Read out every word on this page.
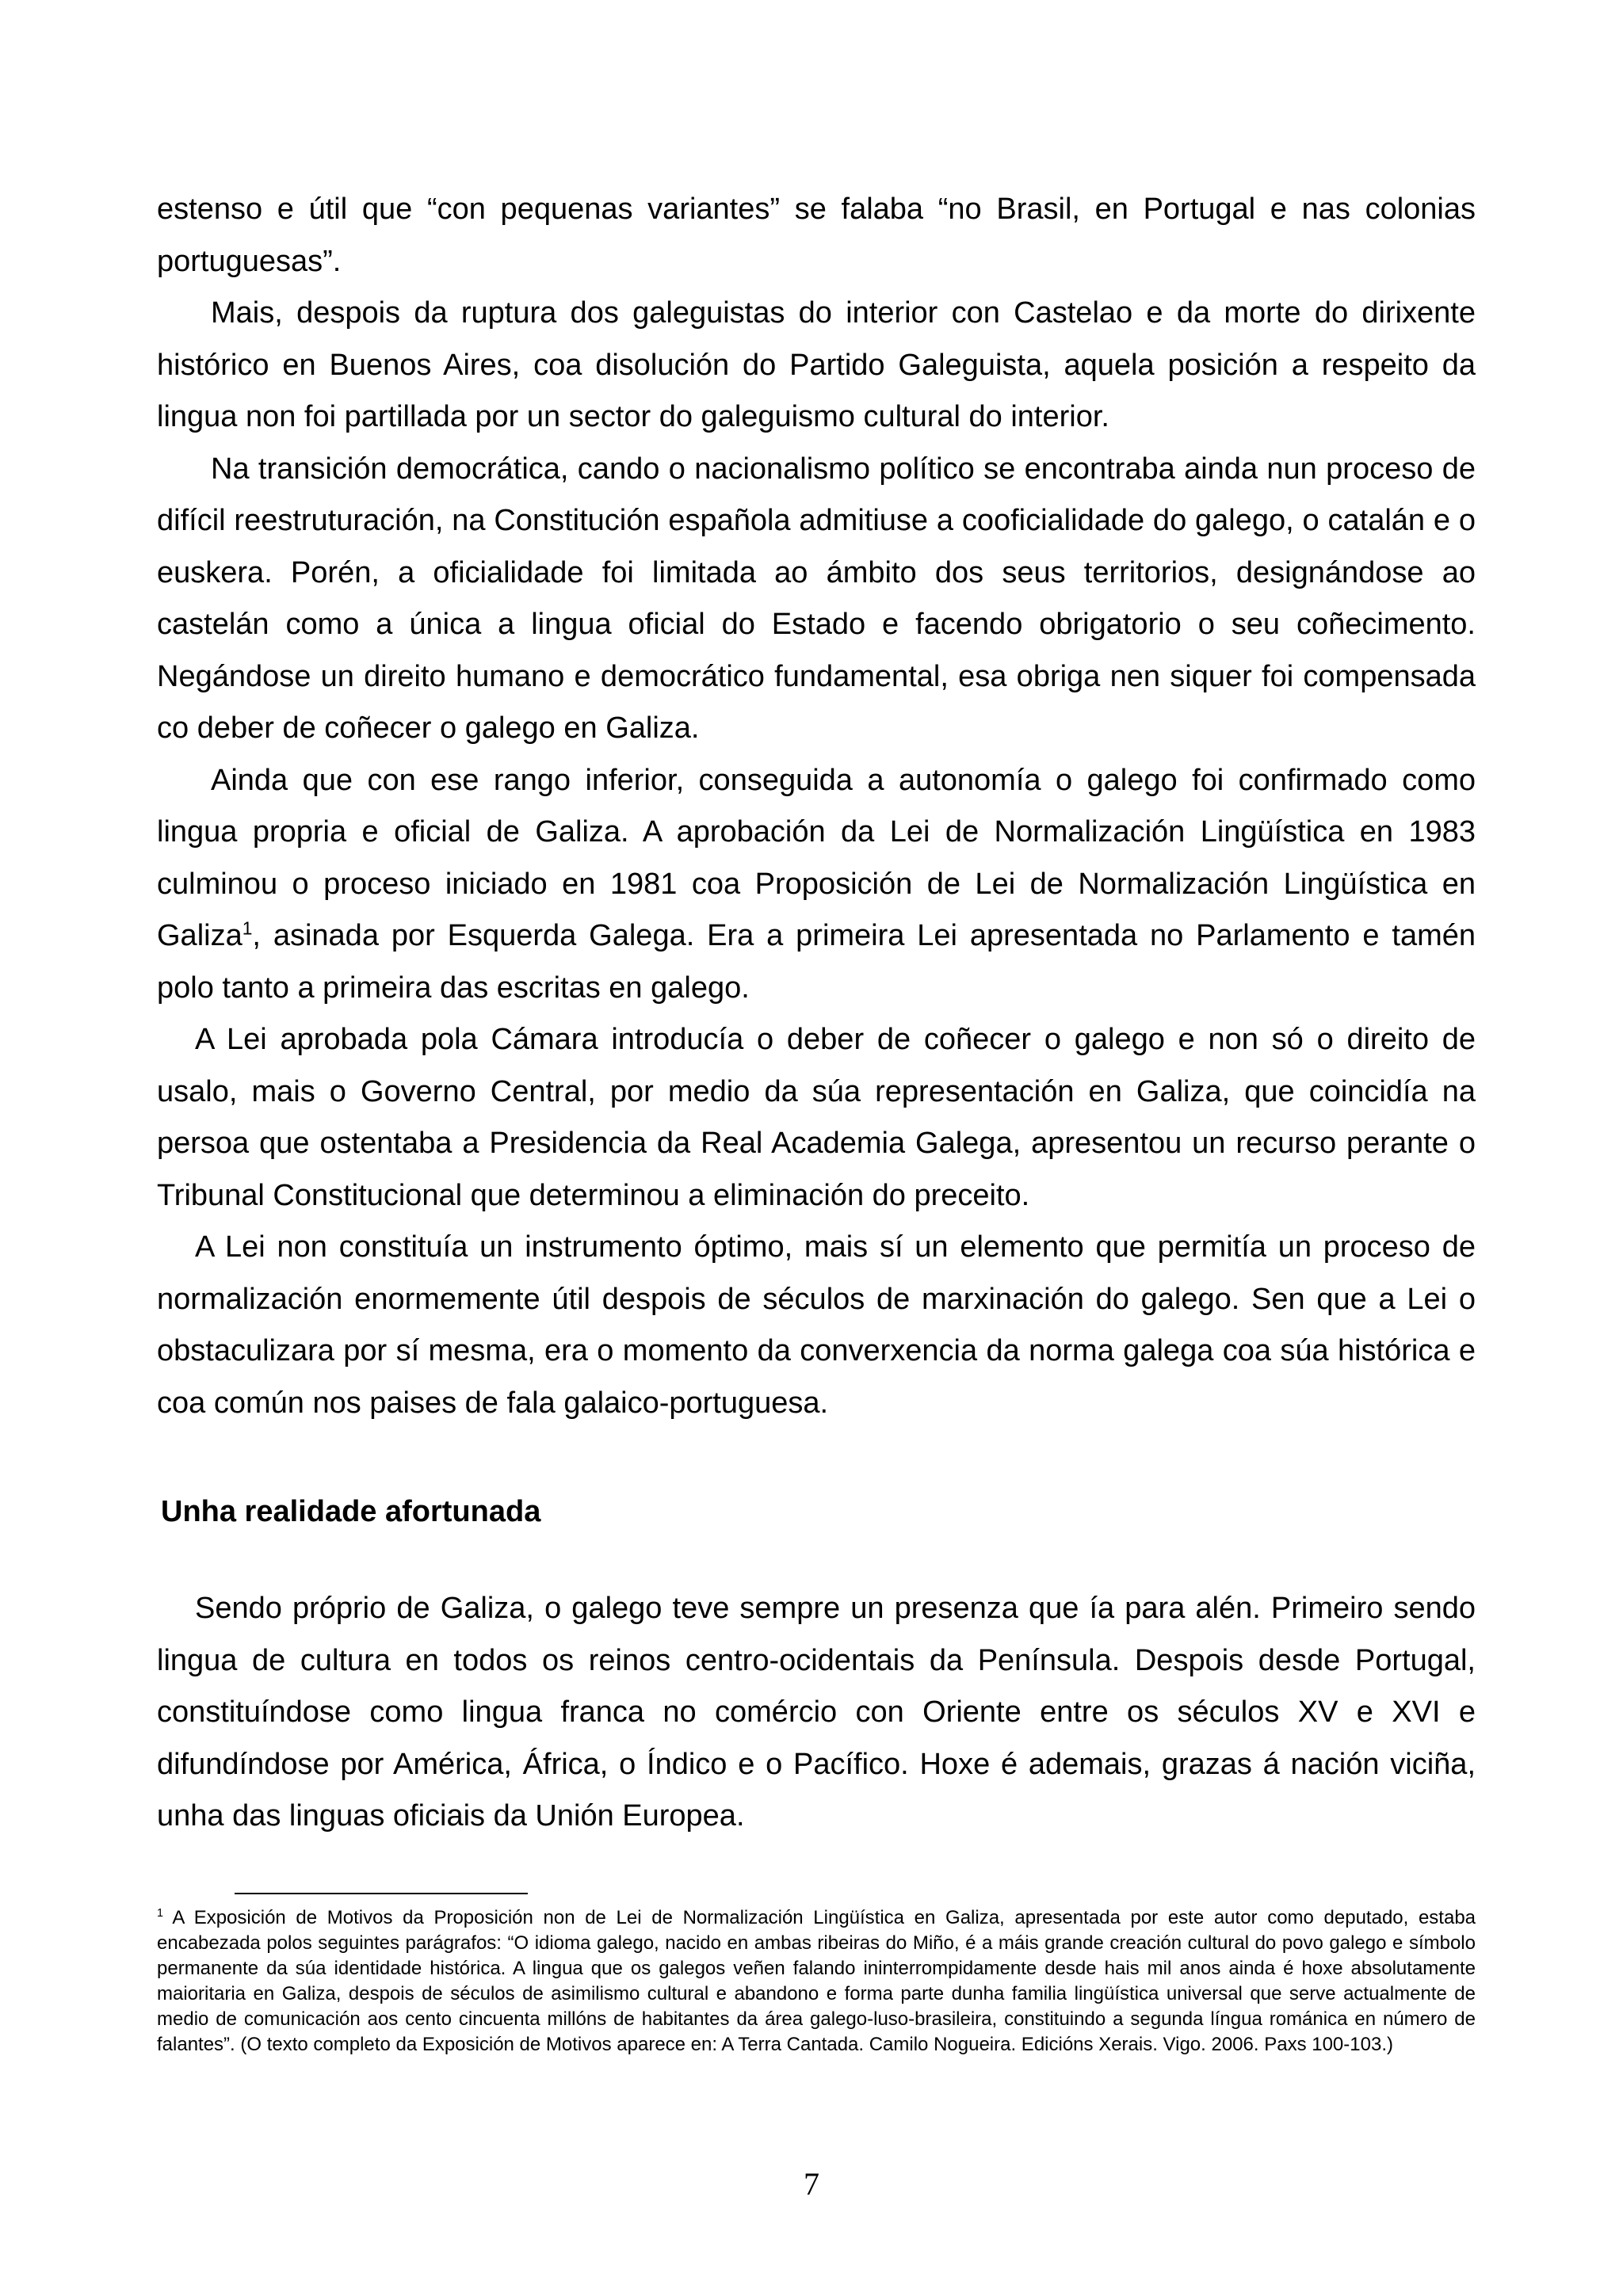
estenso e útil que “con pequenas variantes” se falaba “no Brasil, en Portugal e nas colonias portuguesas”.

Mais, despois da ruptura dos galeguistas do interior con Castelao e da morte do dirixente histórico en Buenos Aires, coa disolución do Partido Galeguista, aquela posición a respeito da lingua non foi partillada por un sector do galeguismo cultural do interior.

Na transición democrática, cando o nacionalismo político se encontraba ainda nun proceso de difícil reestruturación, na Constitución española admitiuse a cooficialidade do galego, o catalán e o euskera. Porén, a oficialidade foi limitada ao ámbito dos seus territorios, designándose ao castelán como a única a lingua oficial do Estado e facendo obrigatorio o seu coñecimento. Negándose un direito humano e democrático fundamental, esa obriga nen siquer foi compensada co deber de coñecer o galego en Galiza.

Ainda que con ese rango inferior, conseguida a autonomía o galego foi confirmado como lingua propria e oficial de Galiza. A aprobación da Lei de Normalización Lingüística en 1983 culminou o proceso iniciado en 1981 coa Proposición de Lei de Normalización Lingüística en Galiza$^1$, asinada por Esquerda Galega. Era a primeira Lei apresentada no Parlamento e tamén polo tanto a primeira das escritas en galego.

A Lei aprobada pola Cámara introducía o deber de coñecer o galego e non só o direito de usalo, mais o Governo Central, por medio da súa representación en Galiza, que coincidía na persoa que ostentaba a Presidencia da Real Academia Galega, apresentou un recurso perante o Tribunal Constitucional que determinou a eliminación do preceito.

A Lei non constituía un instrumento óptimo, mais sí un elemento que permitía un proceso de normalización enormemente útil despois de séculos de marxinación do galego. Sen que a Lei o obstaculizara por sí mesma, era o momento da converxencia da norma galega coa súa histórica e coa común nos paises de fala galaico-portuguesa.

Unha realidade afortunada

Sendo próprio de Galiza, o galego teve sempre un presenza que ía para alén. Primeiro sendo lingua de cultura en todos os reinos centro-ocidentais da Península. Despois desde Portugal, constituíndose como lingua franca no comércio con Oriente entre os séculos XV e XVI e difundíndose por América, África, o Índico e o Pacífico. Hoxe é ademais, grazas á nación viciña, unha das linguas oficiais da Unión Europea.

$^1$ A Exposición de Motivos da Proposición non de Lei de Normalización Lingüística en Galiza, apresentada por este autor como deputado, estaba encabezada polos seguintes parágrafos: “O idioma galego, nacido en ambas ribeiras do Miño, é a máis grande creación cultural do povo galego e símbolo permanente da súa identidade histórica. A lingua que os galegos veñen falando ininterrompidamente desde hais mil anos ainda é hoxe absolutamente maioritaria en Galiza, despois de séculos de asimilismo cultural e abandono e forma parte dunha familia lingüística universal que serve actualmente de medio de comunicación aos cento cincuenta millóns de habitantes da área galego-luso-brasileira, constituindo a segunda língua románica en número de falantes”. (O texto completo da Exposición de Motivos aparece en: A Terra Cantada. Camilo Nogueira. Edicións Xerais. Vigo. 2006. Paxs 100-103.)

7
